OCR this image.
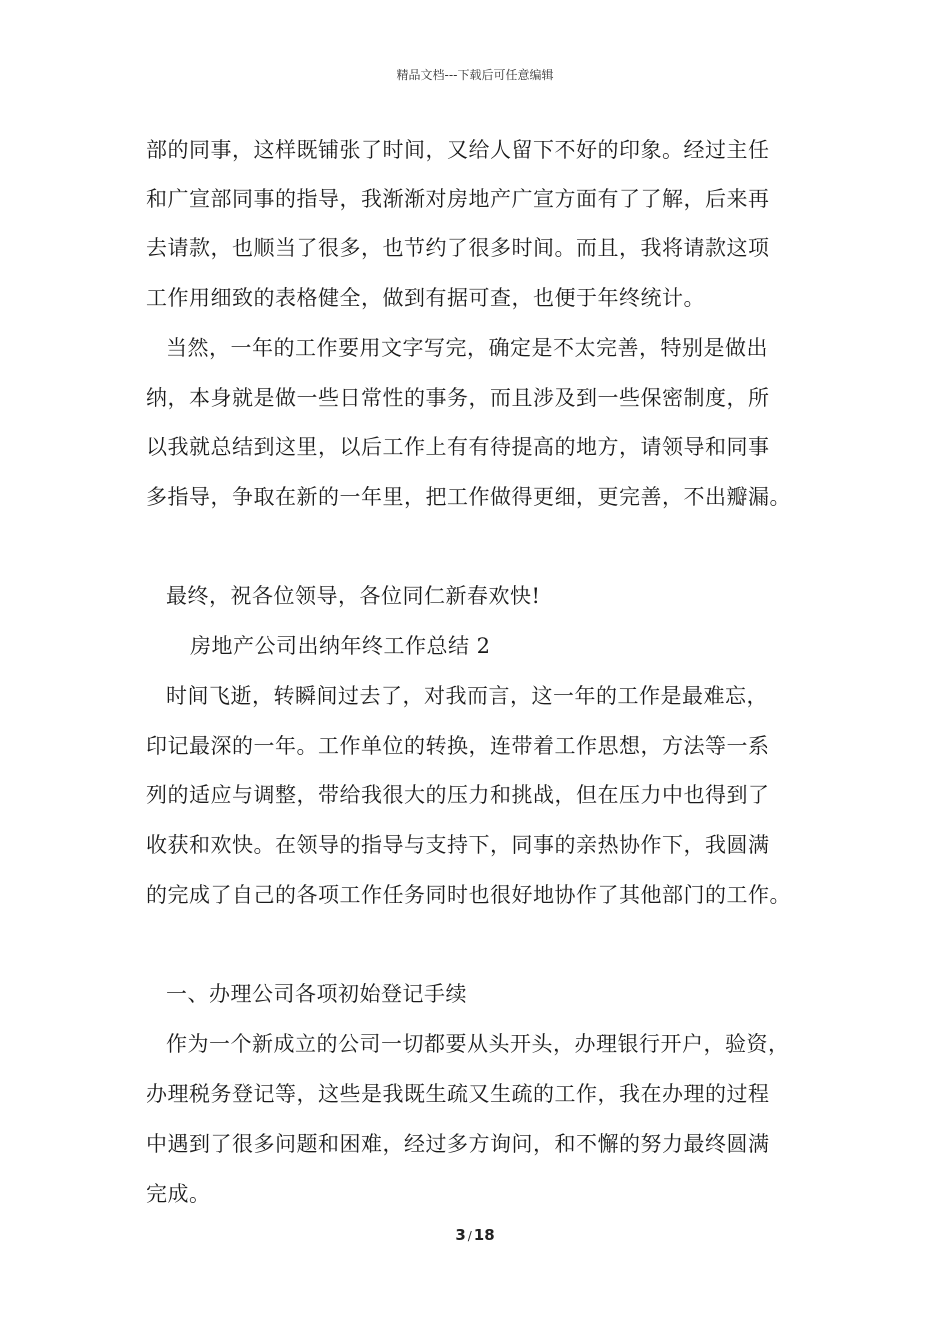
精品文档---下载后可任意编辑
部的同事，这样既铺张了时间，又给人留下不好的印象。经过主任
和广宣部同事的指导，我渐渐对房地产广宣方面有了了解，后来再
去请款，也顺当了很多，也节约了很多时间。而且，我将请款这项
工作用细致的表格健全，做到有据可查，也便于年终统计。
当然，一年的工作要用文字写完，确定是不太完善，特别是做出
纳，本身就是做一些日常性的事务，而且涉及到一些保密制度，所
以我就总结到这里，以后工作上有有待提高的地方，请领导和同事
多指导，争取在新的一年里，把工作做得更细，更完善，不出瓣漏。
最终，祝各位领导，各位同仁新春欢快!
房地产公司出纳年终工作总结 2
时间飞逝，转瞬间过去了，对我而言，这一年的工作是最难忘，
印记最深的一年。工作单位的转换，连带着工作思想，方法等一系
列的适应与调整，带给我很大的压力和挑战，但在压力中也得到了
收获和欢快。在领导的指导与支持下，同事的亲热协作下，我圆满
的完成了自己的各项工作任务同时也很好地协作了其他部门的工作。
一、办理公司各项初始登记手续
作为一个新成立的公司一切都要从头开头，办理银行开户，验资，
办理税务登记等，这些是我既生疏又生疏的工作，我在办理的过程
中遇到了很多问题和困难，经过多方询问，和不懈的努力最终圆满
完成。
3 / 18
